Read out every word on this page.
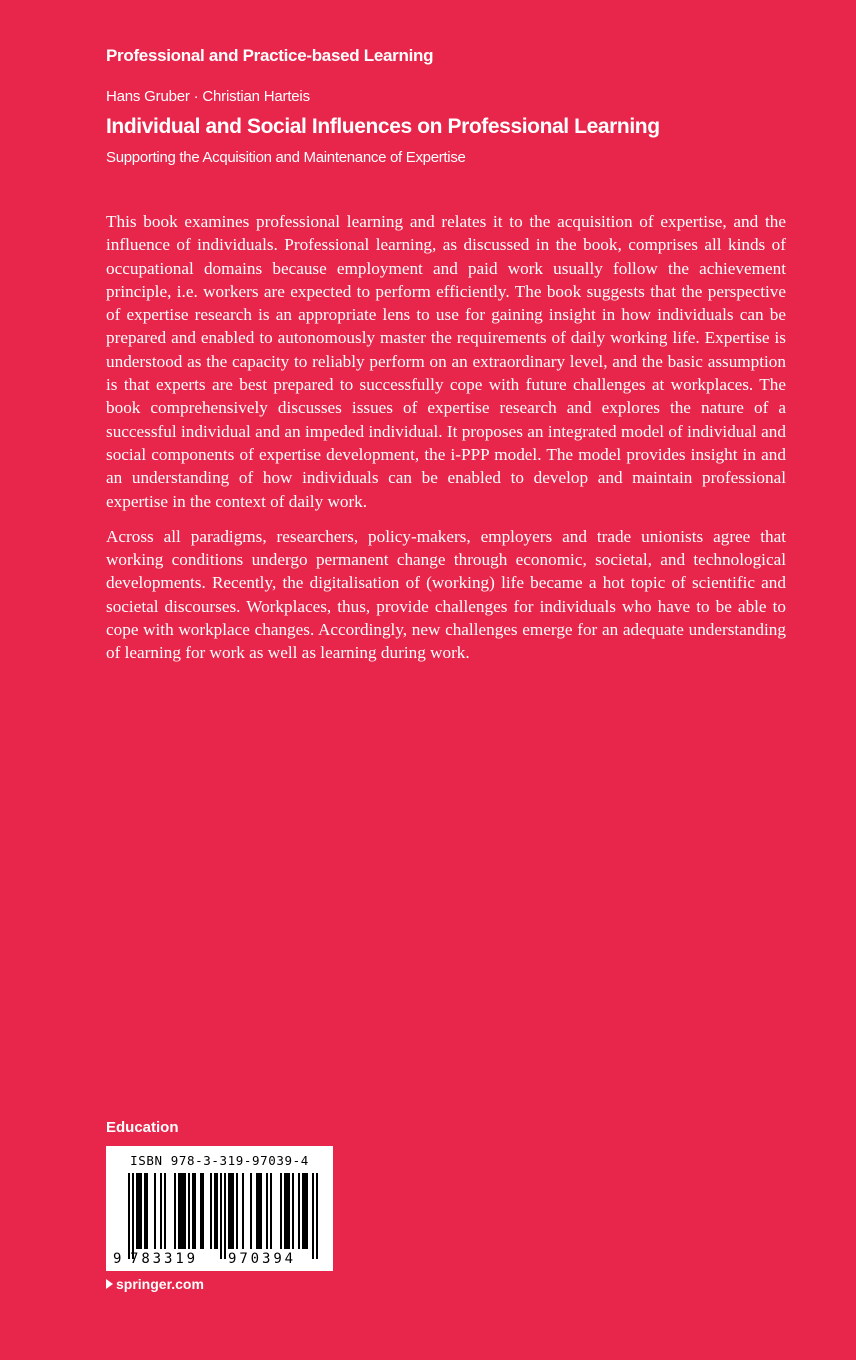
Professional and Practice-based Learning
Hans Gruber · Christian Harteis
Individual and Social Influences on Professional Learning
Supporting the Acquisition and Maintenance of Expertise

This book examines professional learning and relates it to the acquisition of expertise, and the influence of individuals. Professional learning, as discussed in the book, comprises all kinds of occupational domains because employment and paid work usually follow the achievement principle, i.e. workers are expected to perform efficiently. The book suggests that the perspective of expertise research is an appropriate lens to use for gaining insight in how individuals can be prepared and enabled to autonomously master the requirements of daily working life. Expertise is understood as the capacity to reliably perform on an extraordinary level, and the basic assumption is that experts are best prepared to successfully cope with future challenges at workplaces. The book comprehensively discusses issues of expertise research and explores the nature of a successful individual and an impeded individual. It proposes an integrated model of individual and social components of expertise development, the i-PPP model. The model provides insight in and an understanding of how individuals can be enabled to develop and maintain professional expertise in the context of daily work.

Across all paradigms, researchers, policy-makers, employers and trade unionists agree that working conditions undergo permanent change through economic, societal, and technological developments. Recently, the digitalisation of (working) life became a hot topic of scientific and societal discourses. Workplaces, thus, provide challenges for individuals who have to be able to cope with workplace changes. Accordingly, new challenges emerge for an adequate understanding of learning for work as well as learning during work.

Education
ISBN 978-3-319-97039-4
9 783319 970394
springer.com
